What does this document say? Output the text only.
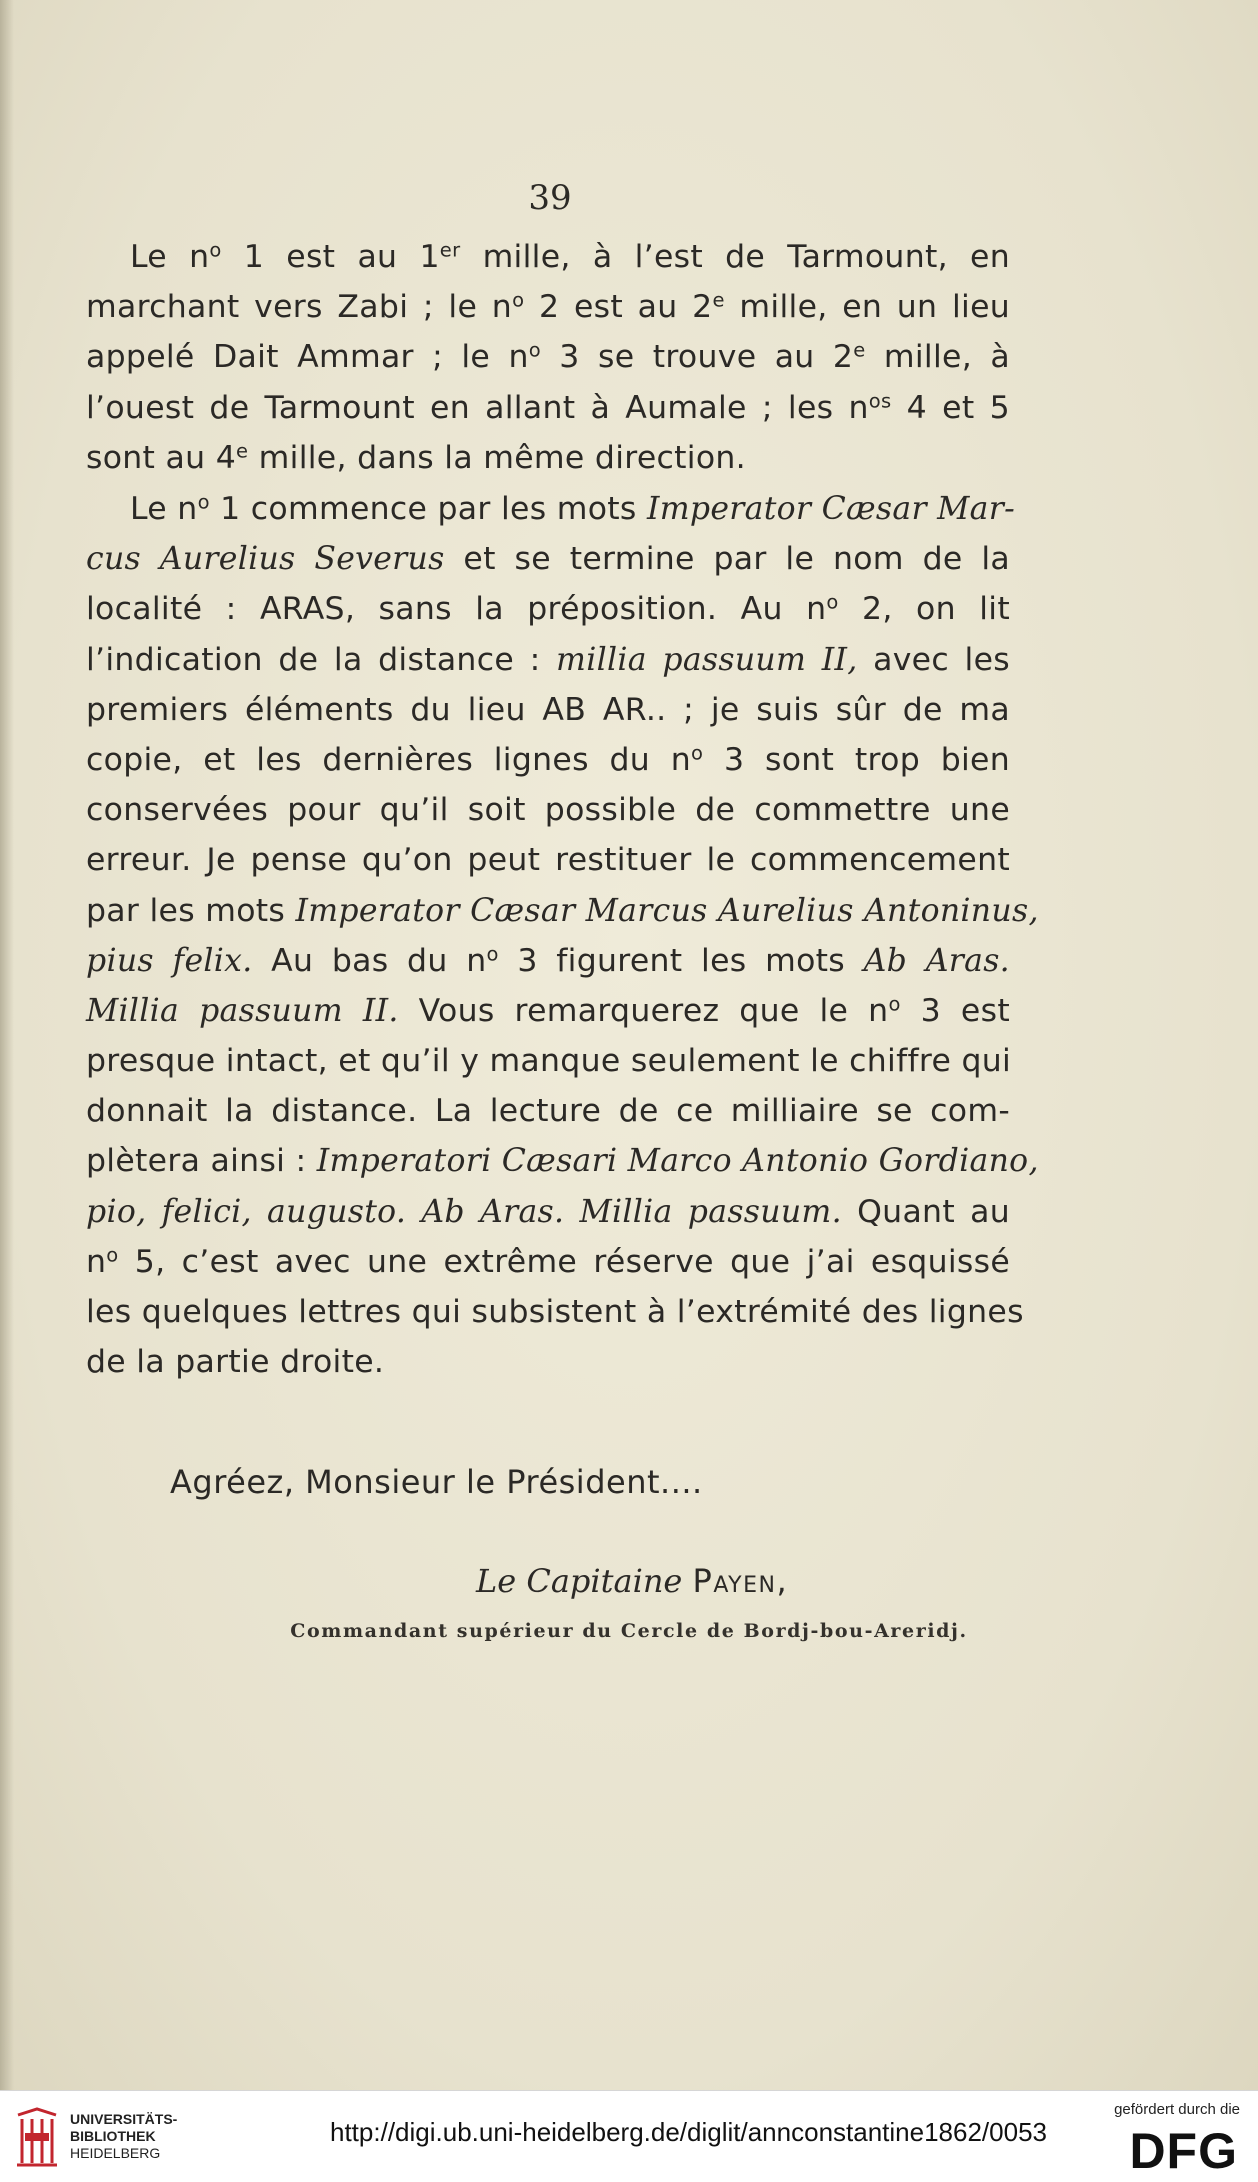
39
Le $n^o$ 1 est au 1er mille, à l’est de Tarmount, en
marchant vers Zabi ; le $n^o$ 2 est au 2e mille, en un lieu
appelé Dait Ammar ; le $n^o$ 3 se trouve au 2e mille, à
l’ouest de Tarmount en allant à Aumale ; les $n^{os}$ 4 et 5
sont au 4e mille, dans la même direction.
Le $n^o$ 1 commence par les mots Imperator Cæsar Mar-
cus Aurelius Severus et se termine par le nom de la
localité : ARAS, sans la préposition. Au $n^o$ 2, on lit
l’indication de la distance : millia passuum II, avec les
premiers éléments du lieu AB AR.. ; je suis sûr de ma
copie, et les dernières lignes du $n^o$ 3 sont trop bien
conservées pour qu’il soit possible de commettre une
erreur. Je pense qu’on peut restituer le commencement
par les mots Imperator Cæsar Marcus Aurelius Antoninus,
pius felix. Au bas du $n^o$ 3 figurent les mots Ab Aras.
Millia passuum II. Vous remarquerez que le $n^o$ 3 est
presque intact, et qu’il y manque seulement le chiffre qui
donnait la distance. La lecture de ce milliaire se com-
plètera ainsi : Imperatori Cæsari Marco Antonio Gordiano,
pio, felici, augusto. Ab Aras. Millia passuum. Quant au
$n^o$ 5, c’est avec une extrême réserve que j’ai esquissé
les quelques lettres qui subsistent à l’extrémité des lignes
de la partie droite.
Agréez, Monsieur le Président....
Le Capitaine Payen,
Commandant supérieur du Cercle de Bordj-bou-Areridj.
UNIVERSITÄTS-
BIBLIOTHEK
HEIDELBERG
http://digi.ub.uni-heidelberg.de/diglit/annconstantine1862/0053
gefördert durch die
DFG
